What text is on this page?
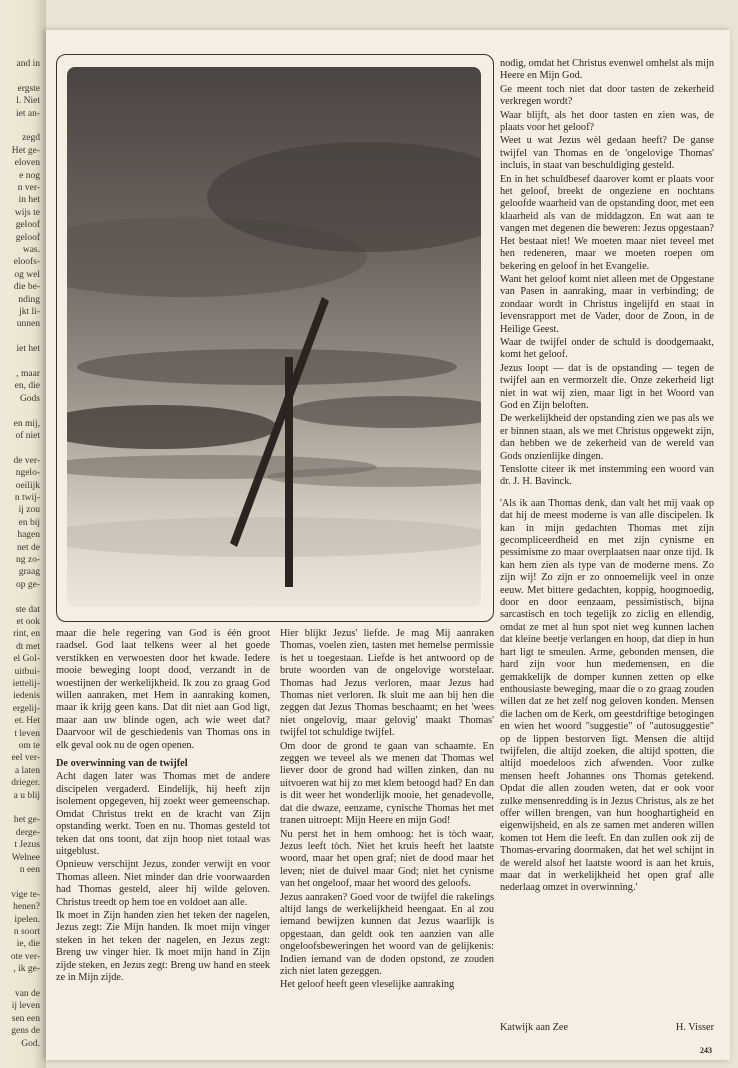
and in
ergste
l. Niet
iet an-
zegd
Het ge-
eloven
e nog
n ver-
in het
wijs te
geloof
geloof
was.
eloofs-
og wel
die be-
nding
jkt li-
unnen
iet het
, maar
en, die
Gods
en mij,
of niet
de ver-
ngelo-
oeilijk
n twij-
ij zou
en bij
hagen
net de
ng zo-
graag
op ge-
ste dat
et ook
rint, en
dt met
el Gol-
uitbui-
iettelij-
iedenis
ergelij-
et. Het
t leven
om te
eel ver-
a laten
drieger.
a u blij
het ge-
derge-
t Jezus
Welnee
n een
vige te-
henen?
ipelen.
n soort
ie, die
ote ver-
, ik ge-
van de
ij leven
sen een
gens de
God.

maar die hele regering van God is één groot raadsel. God laat telkens weer al het goede verstikken en verwoesten door het kwade. Iedere mooie beweging loopt dood, verzandt in de woestijnen der werkelijkheid. Ik zou zo graag God willen aanraken, met Hem in aanraking komen, maar ik krijg geen kans. Dat dit niet aan God ligt, maar aan uw blinde ogen, ach wie weet dat? Daarvoor wil de geschiedenis van Thomas ons in elk geval ook nu de ogen openen.

De overwinning van de twijfel

Acht dagen later was Thomas met de andere discipelen vergaderd. Eindelijk, hij heeft zijn isolement opgegeven, hij zoekt weer gemeenschap. Omdat Christus trekt en de kracht van Zijn opstanding werkt. Toen en nu. Thomas gesteld tot teken dat ons toont, dat zijn hoop niet totaal was uitgeblust.

Opnieuw verschijnt Jezus, zonder verwijt en voor Thomas alleen. Niet minder dan drie voorwaarden had Thomas gesteld, aleer hij wilde geloven. Christus treedt op hem toe en voldoet aan alle.

Ik moet in Zijn handen zien het teken der nagelen, Jezus zegt: Zie Mijn handen. Ik moet mijn vinger steken in het teken der nagelen, en Jezus zegt: Breng uw vinger hier. Ik moet mijn hand in Zijn zijde steken, en Jezus zegt: Breng uw hand en steek ze in Mijn zijde.

Hier blijkt Jezus' liefde. Je mag Mij aanraken Thomas, voelen zien, tasten met hemelse permissie is het u toegestaan. Liefde is het antwoord op de brute woorden van de ongelovige worstelaar. Thomas had Jezus verloren, maar Jezus had Thomas niet verloren. Ik sluit me aan bij hen die zeggen dat Jezus Thomas beschaamt; en het 'wees niet ongelovig, maar gelovig' maakt Thomas' twijfel tot schuldige twijfel.

Om door de grond te gaan van schaamte. En zeggen we teveel als we menen dat Thomas wel liever door de grond had willen zinken, dan nu uitvoeren wat hij zo met klem betoogd had? En dan is dit weer het wonderlijk mooie, het genadevolle, dat die dwaze, eenzame, cynische Thomas het met tranen uitroept: Mijn Heere en mijn God!

Nu perst het in hem omhoog: het is tòch waar, Jezus leeft tòch. Niet het kruis heeft het laatste woord, maar het open graf; niet de dood maar het leven; niet de duivel maar God; niet het cynisme van het ongeloof, maar het woord des geloofs.

Jezus aanraken? Goed voor de twijfel die rakelings altijd langs de werkelijkheid heengaat. En al zou iemand bewijzen kunnen dat Jezus waarlijk is opgestaan, dan geldt ook ten aanzien van alle ongeloofsbeweringen het woord van de gelijkenis: Indien iemand van de doden opstond, ze zouden zich niet laten gezeggen.

Het geloof heeft geen vleselijke aanraking

nodig, omdat het Christus evenwel omhelst als mijn Heere en Mijn God.

Ge meent toch niet dat door tasten de zekerheid verkregen wordt?

Waar blijft, als het door tasten en zien was, de plaats voor het geloof?

Weet u wat Jezus wèl gedaan heeft? De ganse twijfel van Thomas en de 'ongelovige Thomas' incluis, in staat van beschuldiging gesteld.

En in het schuldbesef daarover komt er plaats voor het geloof, breekt de ongeziene en nochtans geloofde waarheid van de opstanding door, met een klaarheid als van de middagzon. En wat aan te vangen met degenen die beweren: Jezus opgestaan? Het bestaat niet! We moeten maar niet teveel met hen redeneren, maar we moeten roepen om bekering en geloof in het Evangelie.

Want het geloof komt niet alleen met de Opgestane van Pasen in aanraking, maar in verbinding; de zondaar wordt in Christus ingelijfd en staat in levensrapport met de Vader, door de Zoon, in de Heilige Geest.

Waar de twijfel onder de schuld is doodgemaakt, komt het geloof.

Jezus loopt — dat is de opstanding — tegen de twijfel aan en vermorzelt die. Onze zekerheid ligt niet in wat wij zien, maar ligt in het Woord van God en Zijn beloften.

De werkelijkheid der opstanding zien we pas als we er binnen staan, als we met Christus opgewekt zijn, dan hebben we de zekerheid van de wereld van Gods onzienlijke dingen.

Tenslotte citeer ik met instemming een woord van dr. J. H. Bavinck.

'Als ik aan Thomas denk, dan valt het mij vaak op dat hij de meest moderne is van alle discipelen. Ik kan in mijn gedachten Thomas met zijn gecompliceerdheid en met zijn cynisme en pessimisme zo maar overplaatsen naar onze tijd. Ik kan hem zien als type van de moderne mens. Zo zijn wij! Zo zijn er zo onnoemelijk veel in onze eeuw. Met bittere gedachten, koppig, hoogmoedig, door en door eenzaam, pessimistisch, bijna sarcastisch en toch tegelijk zo ziclig en ellendig, omdat ze met al hun spot niet weg kunnen lachen dat kleine beetje verlangen en hoop, dat diep in hun hart ligt te smeulen. Arme, gebonden mensen, die hard zijn voor hun medemensen, en die gemakkelijk de domper kunnen zetten op elke enthousiaste beweging, maar die o zo graag zouden willen dat ze het zelf nog geloven konden. Mensen die lachen om de Kerk, om geestdriftige betogingen en wien het woord "suggestie" of "autosuggestie" op de lippen bestorven ligt. Mensen die altijd twijfelen, die altijd zoeken, die altijd spotten, die altijd moedeloos zich afwenden. Voor zulke mensen heeft Johannes ons Thomas getekend. Opdat die allen zouden weten, dat er ook voor zulke mensenredding is in Jezus Christus, als ze het offer willen brengen, van hun hooghartigheid en eigenwijsheid, en als ze samen met anderen willen komen tot Hem die leeft. En dan zullen ook zij de Thomas-ervaring doormaken, dat het wel schijnt in de wereld alsof het laatste woord is aan het kruis, maar dat in werkelijkheid het open graf alle nederlaag omzet in overwinning.'

Katwijk aan Zee	H. Visser
243
